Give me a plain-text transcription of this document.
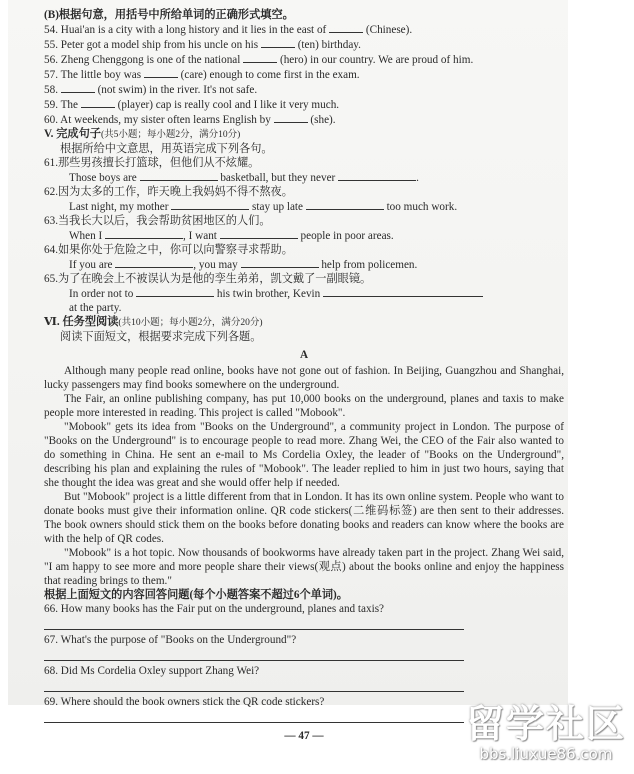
(B)根据句意，用括号中所给单词的正确形式填空。
54. Huai'an is a city with a long history and it lies in the east of	(Chinese).
55. Peter got a model ship from his uncle on his	(ten) birthday.
56. Zheng Chenggong is one of the national	(hero) in our country. We are proud of him.
57. The little boy was	(care) enough to come first in the exam.
58.	(not swim) in the river. It's not safe.
59. The	(player) cap is really cool and I like it very much.
60. At weekends, my sister often learns English by	(she).
V. 完成句子(共5小题；每小题2分，满分10分)
根据所给中文意思，用英语完成下列各句。
61.那些男孩擅长打篮球，但他们从不炫耀。
Those boys are	basketball, but they never	.
62.因为太多的工作，昨天晚上我妈妈不得不熬夜。
Last night, my mother	stay up late	too much work.
63.当我长大以后，我会帮助贫困地区的人们。
When I	, I want	people in poor areas.
64.如果你处于危险之中，你可以向警察寻求帮助。
If you are	, you may	help from policemen.
65.为了在晚会上不被误认为是他的孪生弟弟，凯文戴了一副眼镜。
In order not to	his twin brother, Kevin
at the party.
Ⅵ. 任务型阅读(共10小题；每小题2分，满分20分)
阅读下面短文，根据要求完成下列各题。
A
Although many people read online, books have not gone out of fashion. In Beijing, Guangzhou and Shanghai, lucky passengers may find books somewhere on the underground.
The Fair, an online publishing company, has put 10,000 books on the underground, planes and taxis to make people more interested in reading. This project is called "Mobook".
"Mobook" gets its idea from "Books on the Underground", a community project in London. The purpose of "Books on the Underground" is to encourage people to read more. Zhang Wei, the CEO of the Fair also wanted to do something in China. He sent an e-mail to Ms Cordelia Oxley, the leader of "Books on the Underground", describing his plan and explaining the rules of "Mobook". The leader replied to him in just two hours, saying that she thought the idea was great and she would offer help if needed.
But "Mobook" project is a little different from that in London. It has its own online system. People who want to donate books must give their information online. QR code stickers(二维码标签) are then sent to their addresses. The book owners should stick them on the books before donating books and readers can know where the books are with the help of QR codes.
"Mobook" is a hot topic. Now thousands of bookworms have already taken part in the project. Zhang Wei said, "I am happy to see more and more people share their views(观点) about the books online and enjoy the happiness that reading brings to them."
根据上面短文的内容回答问题(每个小题答案不超过6个单词)。
66. How many books has the Fair put on the underground, planes and taxis?
67. What's the purpose of "Books on the Underground"?
68. Did Ms Cordelia Oxley support Zhang Wei?
69. Where should the book owners stick the QR code stickers?
— 47 —	留学社区
bbs.liuxue86.com
